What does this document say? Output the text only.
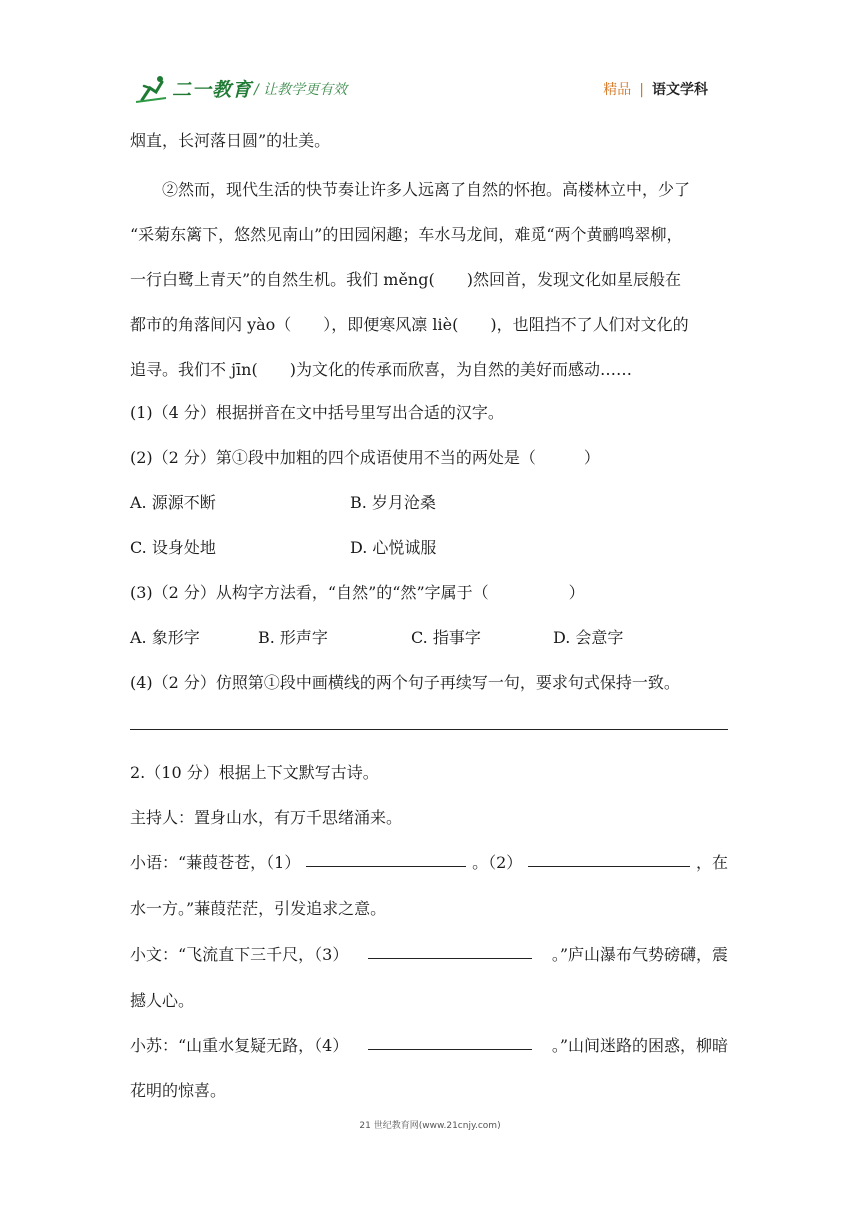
二一教育 / 让教学更有效	精品 | 语文学科
烟直，长河落日圆”的壮美。
②然而，现代生活的快节奏让许多人远离了自然的怀抱。高楼林立中，少了
“采菊东篱下，悠然见南山”的田园闲趣；车水马龙间，难觅“两个黄鹂鸣翠柳，
一行白鹭上青天”的自然生机。我们 měng(　　)然回首，发现文化如星辰般在
都市的角落间闪 yào（　　），即便寒风凛 liè(　　)，也阻挡不了人们对文化的
追寻。我们不 jīn(　　)为文化的传承而欣喜，为自然的美好而感动……
(1)（4 分）根据拼音在文中括号里写出合适的汉字。
(2)（2 分）第①段中加粗的四个成语使用不当的两处是（　　　）
A. 源源不断	B. 岁月沧桑
C. 设身处地	D. 心悦诚服
(3)（2 分）从构字方法看，“自然”的“然”字属于（　　　　　）
A. 象形字	B. 形声字	C. 指事字	D. 会意字
(4)（2 分）仿照第①段中画横线的两个句子再续写一句，要求句式保持一致。
2.（10 分）根据上下文默写古诗。
主持人：置身山水，有万千思绪涌来。
小语：“蒹葭苍苍，（1）	。（2）	，在
水一方。”蒹葭茫茫，引发追求之意。
小文：“飞流直下三千尺，（3）	。”庐山瀑布气势磅礴，震
撼人心。
小苏：“山重水复疑无路，（4）	。”山间迷路的困惑，柳暗
花明的惊喜。
21 世纪教育网(www.21cnjy.com)
